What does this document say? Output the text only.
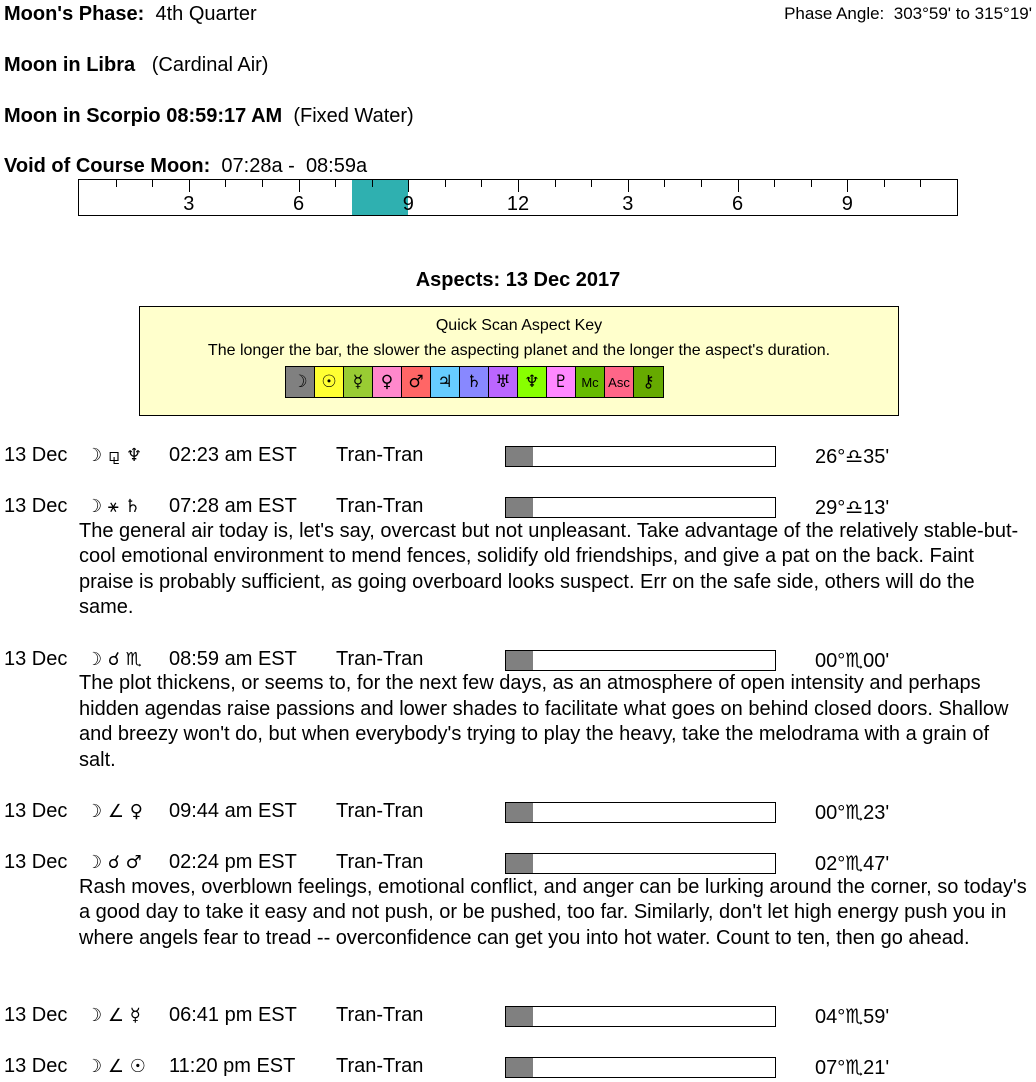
Moon's Phase: 4th Quarter	Phase Angle: 303°59' to 315°19'
Moon in Libra (Cardinal Air)
Moon in Scorpio 08:59:17 AM (Fixed Water)
Void of Course Moon: 07:28a - 08:59a
3	6	9	12	3	6	9
Aspects: 13 Dec 2017
Quick Scan Aspect Key
The longer the bar, the slower the aspecting planet and the longer the aspect's duration.
☽ ☉ ☿	♀ ♂ ♃ ♄ ♅ ♆ ♇ Mc Asc ⚷
13 Dec ☽ ⚼ ♆ 02:23 am EST Tran-Tran	26°♎35'
13 Dec ☽ ⚹ ♄ 07:28 am EST Tran-Tran	29°♎13'
The general air today is, let's say, overcast but not unpleasant. Take advantage of the relatively stable-but-cool emotional environment to mend fences, solidify old friendships, and give a pat on the back. Faint praise is probably sufficient, as going overboard looks suspect. Err on the safe side, others will do the same.
13 Dec ☽ ☌ ♏ 08:59 am EST Tran-Tran	00°♏00'
The plot thickens, or seems to, for the next few days, as an atmosphere of open intensity and perhaps hidden agendas raise passions and lower shades to facilitate what goes on behind closed doors. Shallow and breezy won't do, but when everybody's trying to play the heavy, take the melodrama with a grain of salt.
13 Dec ☽ ∠ ♀ 09:44 am EST Tran-Tran	00°♏23'
13 Dec ☽ ☌ ♂ 02:24 pm EST Tran-Tran	02°♏47'
Rash moves, overblown feelings, emotional conflict, and anger can be lurking around the corner, so today's a good day to take it easy and not push, or be pushed, too far. Similarly, don't let high energy push you in where angels fear to tread -- overconfidence can get you into hot water. Count to ten, then go ahead.
13 Dec ☽ ∠ ☿ 06:41 pm EST Tran-Tran	04°♏59'
13 Dec ☽ ∠ ☉ 11:20 pm EST Tran-Tran	07°♏21'
